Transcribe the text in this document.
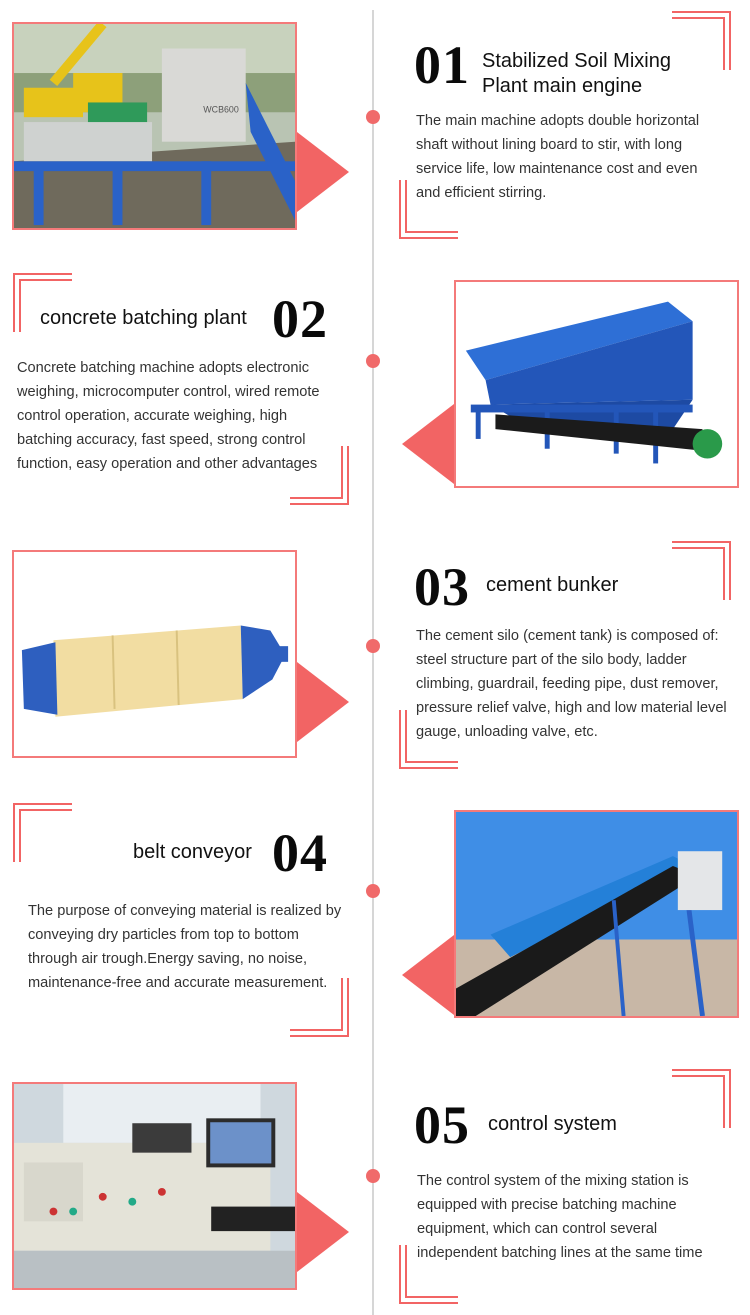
WCB600
01 Stabilized Soil Mixing Plant main engine
The main machine adopts double horizontal shaft without lining board to stir, with long service life, low maintenance cost and even and efficient stirring.
concrete batching plant 02
Concrete batching machine adopts electronic weighing, microcomputer control, wired remote control operation, accurate weighing, high batching accuracy, fast speed, strong control function, easy operation and other advantages
03 cement bunker
The cement silo (cement tank) is composed of: steel structure part of the silo body, ladder climbing, guardrail, feeding pipe, dust remover, pressure relief valve, high and low material level gauge, unloading valve, etc.
belt conveyor 04
The purpose of conveying material is realized by conveying dry particles from top to bottom through air trough.Energy saving, no noise, maintenance-free and accurate measurement.
05 control system
The control system of the mixing station is equipped with precise batching machine equipment, which can control several independent batching lines at the same time
